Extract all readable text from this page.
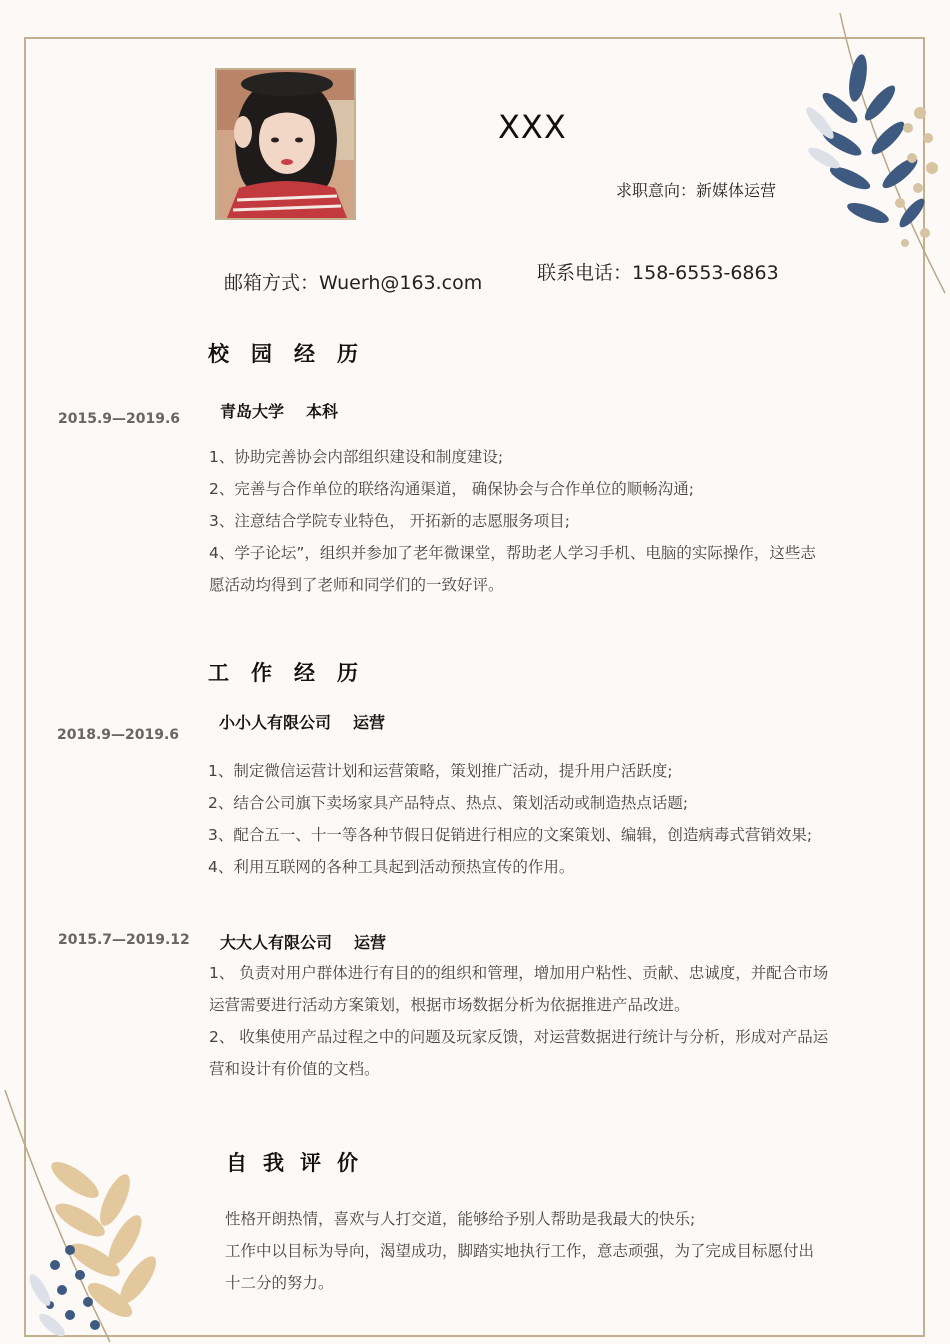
XXX
求职意向：新媒体运营
邮箱方式：Wuerh@163.com	联系电话：158-6553-6863
校园经历
2015.9—2019.6 青岛大学 本科
1、协助完善协会内部组织建设和制度建设;
2、完善与合作单位的联络沟通渠道， 确保协会与合作单位的顺畅沟通;
3、注意结合学院专业特色， 开拓新的志愿服务项目;
4、学子论坛”，组织并参加了老年微课堂，帮助老人学习手机、电脑的实际操作，这些志
愿活动均得到了老师和同学们的一致好评。
工作经历
2018.9—2019.6
小小人有限公司 运营
1、制定微信运营计划和运营策略，策划推广活动，提升用户活跃度;
2、结合公司旗下卖场家具产品特点、热点、策划活动或制造热点话题;
3、配合五一、十一等各种节假日促销进行相应的文案策划、编辑，创造病毒式营销效果;
4、利用互联网的各种工具起到活动预热宣传的作用。
2015.7—2019.12 大大人有限公司 运营
1、 负责对用户群体进行有目的的组织和管理，增加用户粘性、贡献、忠诚度，并配合市场
运营需要进行活动方案策划，根据市场数据分析为依据推进产品改进。
2、 收集使用产品过程之中的问题及玩家反馈，对运营数据进行统计与分析，形成对产品运
营和设计有价值的文档。
自我评价
性格开朗热情，喜欢与人打交道，能够给予别人帮助是我最大的快乐;
工作中以目标为导向，渴望成功，脚踏实地执行工作，意志顽强，为了完成目标愿付出
十二分的努力。
